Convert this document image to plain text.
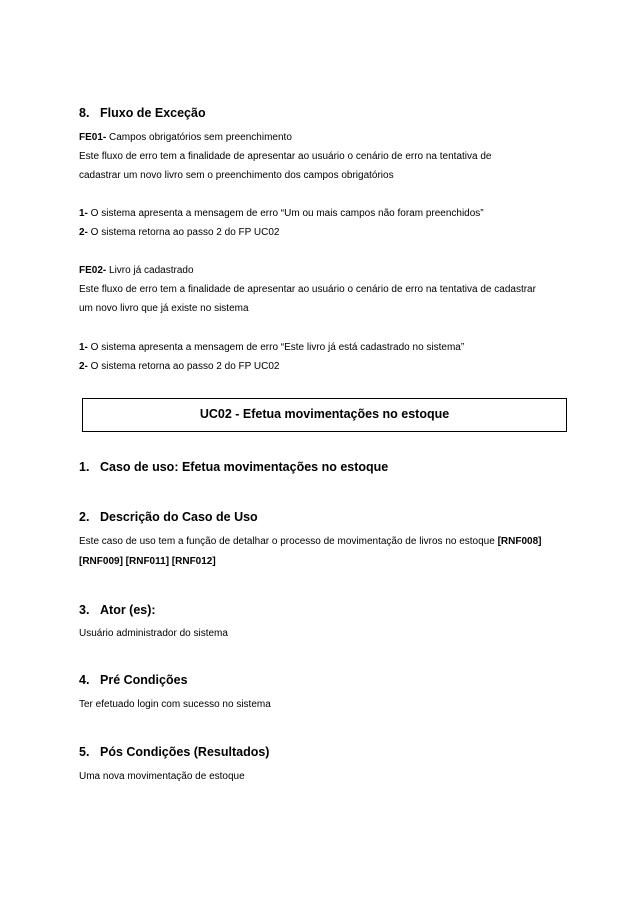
8. Fluxo de Exceção
FE01- Campos obrigatórios sem preenchimento
Este fluxo de erro tem a finalidade de apresentar ao usuário o cenário de erro na tentativa de
cadastrar um novo livro sem o preenchimento dos campos obrigatórios
1- O sistema apresenta a mensagem de erro “Um ou mais campos não foram preenchidos”
2- O sistema retorna ao passo 2 do FP UC02
FE02- Livro já cadastrado
Este fluxo de erro tem a finalidade de apresentar ao usuário o cenário de erro na tentativa de cadastrar
um novo livro que já existe no sistema
1- O sistema apresenta a mensagem de erro “Este livro já está cadastrado no sistema”
2- O sistema retorna ao passo 2 do FP UC02
UC02 - Efetua movimentações no estoque
1. Caso de uso: Efetua movimentações no estoque
2. Descrição do Caso de Uso
Este caso de uso tem a função de detalhar o processo de movimentação de livros no estoque [RNF008]
[RNF009] [RNF011] [RNF012]
3. Ator (es):
Usuário administrador do sistema
4. Pré Condições
Ter efetuado login com sucesso no sistema
5. Pós Condições (Resultados)
Uma nova movimentação de estoque
